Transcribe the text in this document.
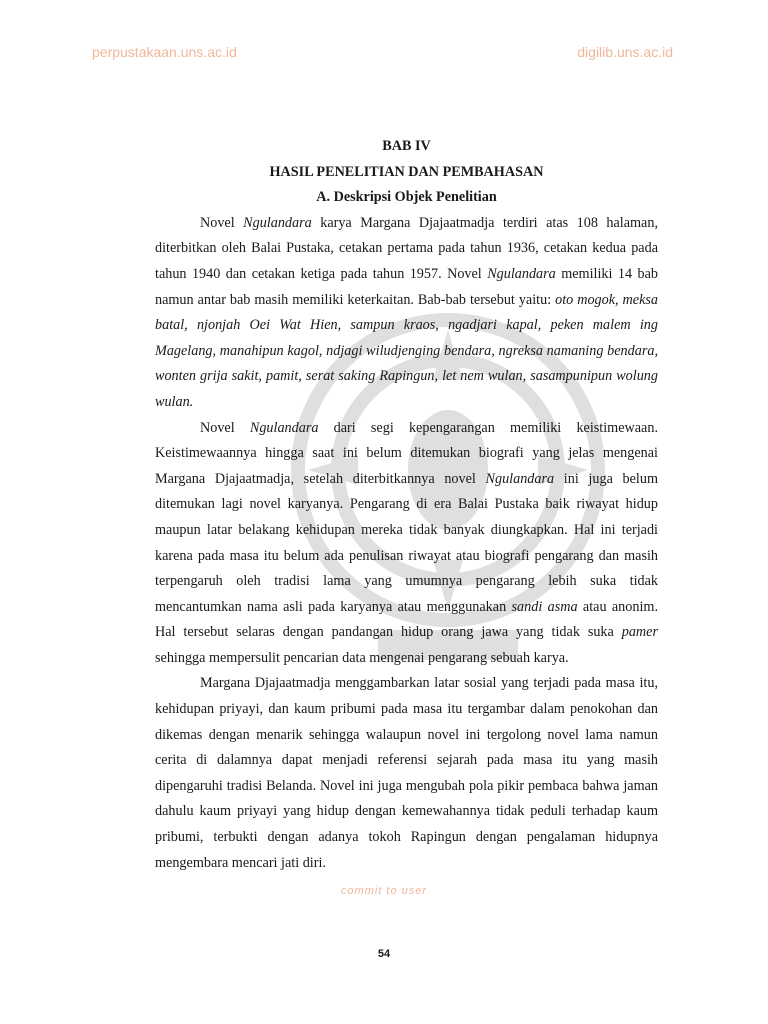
perpustakaan.uns.ac.id	digilib.uns.ac.id
BAB IV
HASIL PENELITIAN DAN PEMBAHASAN
A. Deskripsi Objek Penelitian

Novel Ngulandara karya Margana Djajaatmadja terdiri atas 108 halaman, diterbitkan oleh Balai Pustaka, cetakan pertama pada tahun 1936, cetakan kedua pada tahun 1940 dan cetakan ketiga pada tahun 1957. Novel Ngulandara memiliki 14 bab namun antar bab masih memiliki keterkaitan. Bab-bab tersebut yaitu: oto mogok, meksa batal, njonjah Oei Wat Hien, sampun kraos, ngadjari kapal, peken malem ing Magelang, manahipun kagol, ndjagi wiludjenging bendara, ngreksa namaning bendara, wonten grija sakit, pamit, serat saking Rapingun, let nem wulan, sasampunipun wolung wulan.

Novel Ngulandara dari segi kepengarangan memiliki keistimewaan. Keistimewaannya hingga saat ini belum ditemukan biografi yang jelas mengenai Margana Djajaatmadja, setelah diterbitkannya novel Ngulandara ini juga belum ditemukan lagi novel karyanya. Pengarang di era Balai Pustaka baik riwayat hidup maupun latar belakang kehidupan mereka tidak banyak diungkapkan. Hal ini terjadi karena pada masa itu belum ada penulisan riwayat atau biografi pengarang dan masih terpengaruh oleh tradisi lama yang umumnya pengarang lebih suka tidak mencantumkan nama asli pada karyanya atau menggunakan sandi asma atau anonim. Hal tersebut selaras dengan pandangan hidup orang jawa yang tidak suka pamer sehingga mempersulit pencarian data mengenai pengarang sebuah karya.

Margana Djajaatmadja menggambarkan latar sosial yang terjadi pada masa itu, kehidupan priyayi, dan kaum pribumi pada masa itu tergambar dalam penokohan dan dikemas dengan menarik sehingga walaupun novel ini tergolong novel lama namun cerita di dalamnya dapat menjadi referensi sejarah pada masa itu yang masih dipengaruhi tradisi Belanda. Novel ini juga mengubah pola pikir pembaca bahwa jaman dahulu kaum priyayi yang hidup dengan kemewahannya tidak peduli terhadap kaum pribumi, terbukti dengan adanya tokoh Rapingun dengan pengalaman hidupnya mengembara mencari jati diri.

commit to user
54
